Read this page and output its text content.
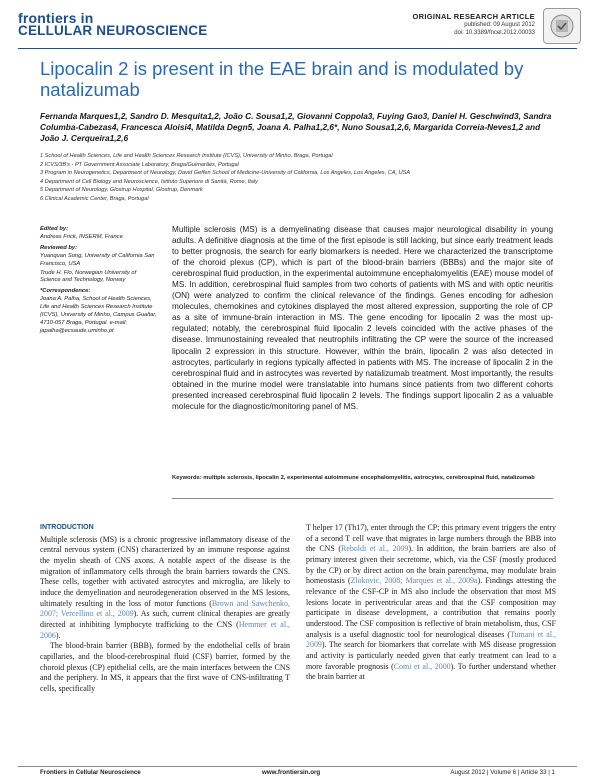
frontiers in
CELLULAR NEUROSCIENCE
ORIGINAL RESEARCH ARTICLE
published: 09 August 2012
doi: 10.3389/fncel.2012.00033
Lipocalin 2 is present in the EAE brain and is modulated by natalizumab
Fernanda Marques1,2, Sandro D. Mesquita1,2, João C. Sousa1,2, Giovanni Coppola3, Fuying Gao3, Daniel H. Geschwind3, Sandra Columba-Cabezas4, Francesca Aloisi4, Matilda Degn5, Joana A. Palha1,2,6*, Nuno Sousa1,2,6, Margarida Correia-Neves1,2 and João J. Cerqueira1,2,6
1 School of Health Sciences, Life and Health Sciences Research Institute (ICVS), University of Minho, Braga, Portugal
2 ICVS/3B's - PT Government Associate Laboratory, Braga/Guimarães, Portugal
3 Program in Neurogenetics, Department of Neurology, David Geffen School of Medicine-University of California, Los Angeles, Los Angeles, CA, USA
4 Department of Cell Biology and Neuroscience, Istituto Superiore di Sanità, Rome, Italy
5 Department of Neurology, Glostrup Hospital, Glostrup, Denmark
6 Clinical Academic Center, Braga, Portugal
Edited by:
Andreas Frick, INSERM, France
Reviewed by:
Yuanquan Song, University of California San Francisco, USA
Trude H. Flo, Norwegian University of Science and Technology, Norway
*Correspondence:
Joana A. Palha, School of Health Sciences, Life and Health Sciences Research Institute (ICVS), University of Minho, Campus Gualtar, 4710-057 Braga, Portugal. e-mail: japalha@ecsaude.uminho.pt
Multiple sclerosis (MS) is a demyelinating disease that causes major neurological disability in young adults. A definitive diagnosis at the time of the first episode is still lacking, but since early treatment leads to better prognosis, the search for early biomarkers is needed. Here we characterized the transcriptome of the choroid plexus (CP), which is part of the blood-brain barriers (BBBs) and the major site of cerebrospinal fluid production, in the experimental autoimmune encephalomyelitis (EAE) mouse model of MS. In addition, cerebrospinal fluid samples from two cohorts of patients with MS and with optic neuritis (ON) were analyzed to confirm the clinical relevance of the findings. Genes encoding for adhesion molecules, chemokines and cytokines displayed the most altered expression, supporting the role of CP as a site of immune-brain interaction in MS. The gene encoding for lipocalin 2 was the most up-regulated; notably, the cerebrospinal fluid lipocalin 2 levels coincided with the active phases of the disease. Immunostaining revealed that neutrophils infiltrating the CP were the source of the increased lipocalin 2 expression in this structure. However, within the brain, lipocalin 2 was also detected in astrocytes, particularly in regions typically affected in patients with MS. The increase of lipocalin 2 in the cerebrospinal fluid and in astrocytes was reverted by natalizumab treatment. Most importantly, the results obtained in the murine model were translatable into humans since patients from two different cohorts presented increased cerebrospinal fluid lipocalin 2 levels. The findings support lipocalin 2 as a valuable molecule for the diagnostic/monitoring panel of MS.
Keywords: multiple sclerosis, lipocalin 2, experimental autoimmune encephalomyelitis, astrocytes, cerebrospinal fluid, natalizumab
INTRODUCTION
Multiple sclerosis (MS) is a chronic progressive inflammatory disease of the central nervous system (CNS) characterized by an immune response against the myelin sheath of CNS axons. A notable aspect of the disease is the migration of inflammatory cells through the brain barriers towards the CNS. These cells, together with activated astrocytes and microglia, are likely to induce the demyelination and neurodegeneration observed in the MS lesions, ultimately resulting in the loss of motor functions (Brown and Sawchenko, 2007; Vercellino et al., 2009). As such, current clinical therapies are greatly directed at inhibiting lymphocyte trafficking to the CNS (Hemmer et al., 2006).
The blood-brain barrier (BBB), formed by the endothelial cells of brain capillaries, and the blood-cerebrospinal fluid (CSF) barrier, formed by the choroid plexus (CP) epithelial cells, are the main interfaces between the CNS and the periphery. In MS, it appears that the first wave of CNS-infiltrating T cells, specifically
T helper 17 (Th17), enter through the CP; this primary event triggers the entry of a second T cell wave that migrates in large numbers through the BBB into the CNS (Reboldi et al., 2009). In addition, the brain barriers are also of primary interest given their secretome, which, via the CSF (mostly produced by the CP) or by direct action on the brain parenchyma, may modulate brain homeostasis (Zlokovic, 2008; Marques et al., 2009a). Findings attesting the relevance of the CSF-CP in MS also include the observation that most MS lesions locate in periventricular areas and that the CSF composition may participate in disease development, a contribution that remains poorly understood. The CSF composition is reflective of brain metabolism, thus, CSF analysis is a useful diagnostic tool for neurological diseases (Tumani et al., 2009). The search for biomarkers that correlate with MS disease progression and activity is particularly needed given that early treatment can lead to a more favorable prognosis (Comi et al., 2000). To further understand whether the brain barrier at
Frontiers in Cellular Neuroscience	www.frontiersin.org	August 2012 | Volume 6 | Article 33 | 1
